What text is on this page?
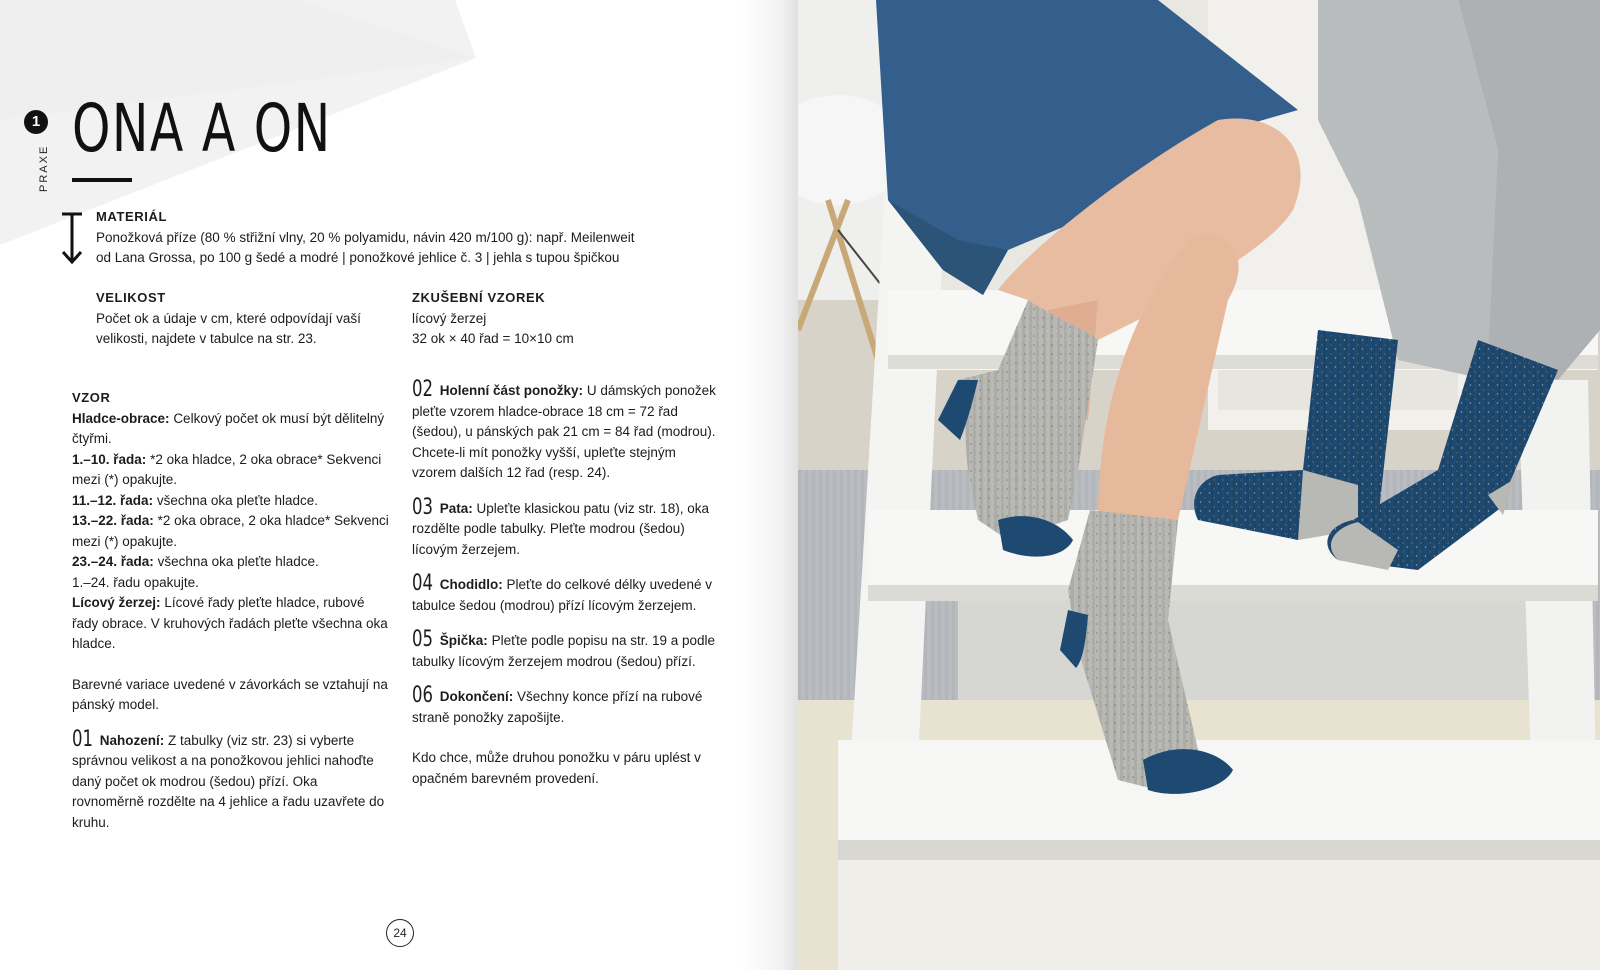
1
PRAXE
ONA A ON
MATERIÁL
Ponožková příze (80 % střižní vlny, 20 % polyamidu, návin 420 m/100 g): např. Meilenweit
od Lana Grossa, po 100 g šedé a modré | ponožkové jehlice č. 3 | jehla s tupou špičkou
VELIKOST
Počet ok a údaje v cm, které odpovídají vaší velikosti, najdete v tabulce na str. 23.
ZKUŠEBNÍ VZOREK
lícový žerzej
32 ok × 40 řad = 10×10 cm
VZOR

Hladce-obrace: Celkový počet ok musí být dělitelný čtyřmi.

1.–10. řada: *2 oka hladce, 2 oka obrace* Sekvenci mezi (*) opakujte.

11.–12. řada: všechna oka pleťte hladce.

13.–22. řada: *2 oka obrace, 2 oka hladce* Sekvenci mezi (*) opakujte.

23.–24. řada: všechna oka pleťte hladce.

1.–24. řadu opakujte.

Lícový žerzej: Lícové řady pleťte hladce, rubové řady obrace. V kruhových řadách pleťte všechna oka hladce.

Barevné variace uvedené v závorkách se vztahují na pánský model.

01 Nahození: Z tabulky (viz str. 23) si vyberte správnou velikost a na ponožkovou jehlici nahoďte daný počet ok modrou (šedou) přízí. Oka rovnoměrně rozdělte na 4 jehlice a řadu uzavřete do kruhu.

02 Holenní část ponožky: U dámských ponožek pleťte vzorem hladce-obrace 18 cm = 72 řad (šedou), u pánských pak 21 cm = 84 řad (modrou). Chcete-li mít ponožky vyšší, upleťte stejným vzorem dalších 12 řad (resp. 24).

03 Pata: Upleťte klasickou patu (viz str. 18), oka rozdělte podle tabulky. Pleťte modrou (šedou) lícovým žerzejem.

04 Chodidlo: Pleťte do celkové délky uvedené v tabulce šedou (modrou) přízí lícovým žerzejem.

05 Špička: Pleťte podle popisu na str. 19 a podle tabulky lícovým žerzejem modrou (šedou) přízí.

06 Dokončení: Všechny konce přízí na rubové straně ponožky zapošijte.

Kdo chce, může druhou ponožku v páru uplést v opačném barevném provedení.

24
